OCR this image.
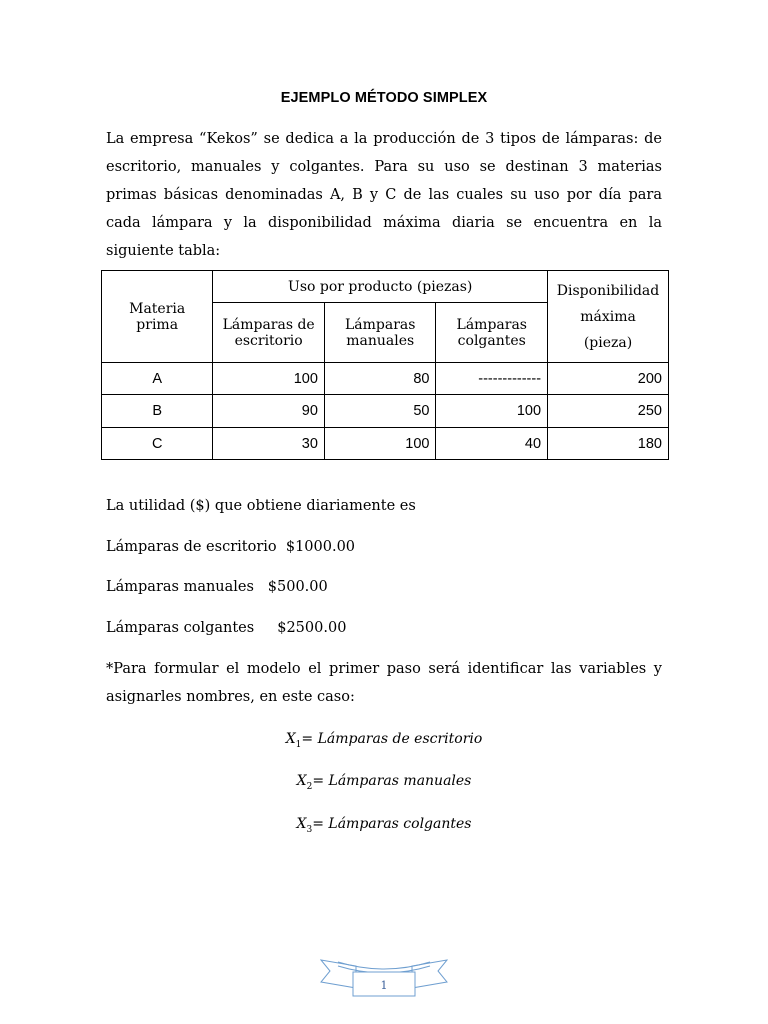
EJEMPLO MÉTODO SIMPLEX

La empresa “Kekos” se dedica a la producción de 3 tipos de lámparas: de escritorio, manuales y colgantes. Para su uso se destinan 3 materias primas básicas denominadas A, B y C de las cuales su uso por día para cada lámpara y la disponibilidad máxima diaria se encuentra en la siguiente tabla:

Materia prima	Uso por producto (piezas)			Disponibilidad máxima
(pieza)

	Lámparas de escritorio	Lámparas manuales	Lámparas colgantes	
A	100	80	-------------	200
B	90	50	100	250
C	30	100	40	180

La utilidad ($) que obtiene diariamente es

Lámparas de escritorio $1000.00

Lámparas manuales $500.00

Lámparas colgantes $2500.00

*Para formular el modelo el primer paso será identificar las variables y asignarles nombres, en este caso:

$X_1=$ Lámparas de escritorio
$X_2=$ Lámparas manuales
$X_3=$ Lámparas colgantes
1
